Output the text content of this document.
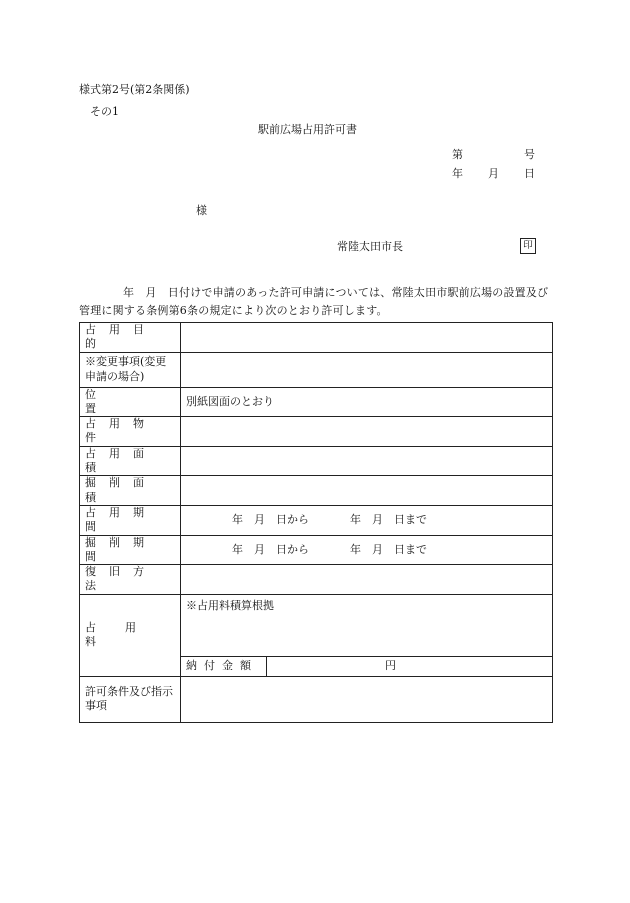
様式第2号(第2条関係)
その1
駅前広場占用許可書
第	号
年 月 日
様
常陸太田市長	印
年　月　日付けで申請のあった許可申請については、常陸太田市駅前広場の設置及び管理に関する条例第6条の規定により次のとおり許可します。
占用目的		

※変更事項(変更申請の場合)		
位置	別紙図面のとおり	
占用物件		
占用面積		
掘削面積		
占用期間	年　月　日から 年　月　日まで	

掘削期間	年　月　日から 年　月　日まで	

復旧方法		
占用料	※占用料積算根拠	
	納付金額	円
許可条件及び指示事項		
